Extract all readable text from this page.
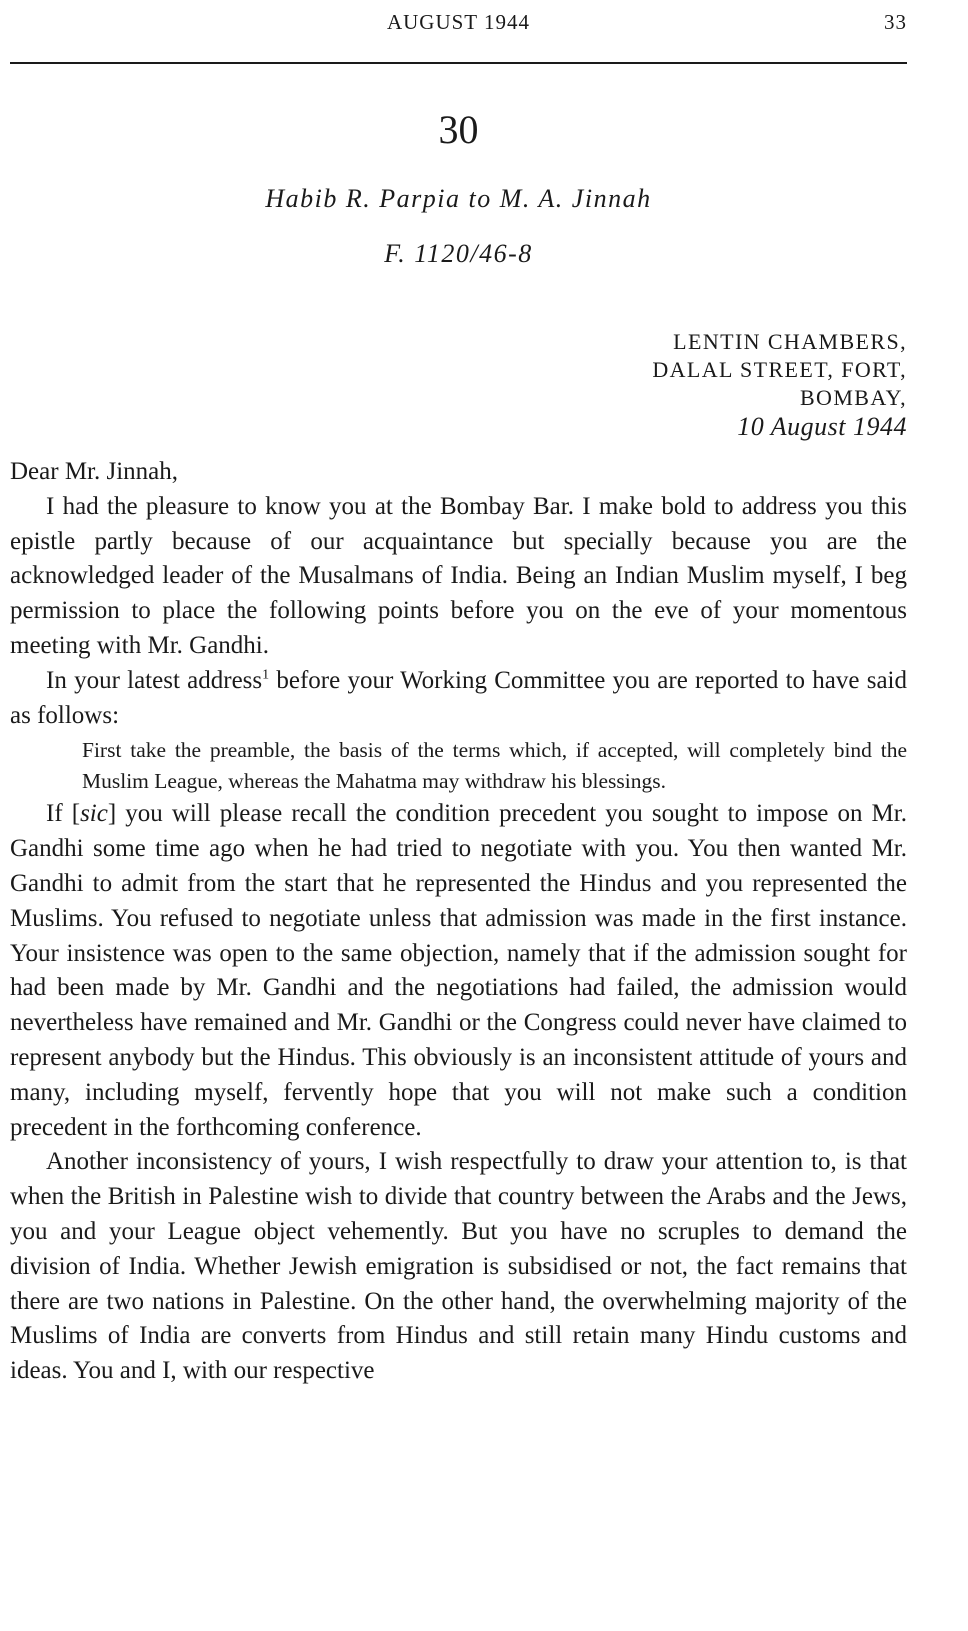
AUGUST 1944	33
30
Habib R. Parpia to M. A. Jinnah
F. 1120/46-8
LENTIN CHAMBERS,
DALAL STREET, FORT,
BOMBAY,
10 August 1944

Dear Mr. Jinnah,

I had the pleasure to know you at the Bombay Bar. I make bold to address you this epistle partly because of our acquaintance but specially because you are the acknowledged leader of the Musalmans of India. Being an Indian Muslim myself, I beg permission to place the following points before you on the eve of your momentous meeting with Mr. Gandhi.

In your latest address$^1$ before your Working Committee you are reported to have said as follows:

First take the preamble, the basis of the terms which, if accepted, will completely bind the Muslim League, whereas the Mahatma may withdraw his blessings.

If [sic] you will please recall the condition precedent you sought to impose on Mr. Gandhi some time ago when he had tried to negotiate with you. You then wanted Mr. Gandhi to admit from the start that he represented the Hindus and you represented the Muslims. You refused to negotiate unless that admission was made in the first instance. Your insistence was open to the same objection, namely that if the admission sought for had been made by Mr. Gandhi and the negotiations had failed, the admission would nevertheless have remained and Mr. Gandhi or the Congress could never have claimed to represent anybody but the Hindus. This obviously is an inconsistent attitude of yours and many, including myself, fervently hope that you will not make such a condition precedent in the forthcoming conference.

Another inconsistency of yours, I wish respectfully to draw your attention to, is that when the British in Palestine wish to divide that country between the Arabs and the Jews, you and your League object vehemently. But you have no scruples to demand the division of India. Whether Jewish emigration is subsidised or not, the fact remains that there are two nations in Palestine. On the other hand, the overwhelming majority of the Muslims of India are converts from Hindus and still retain many Hindu customs and ideas. You and I, with our respective
